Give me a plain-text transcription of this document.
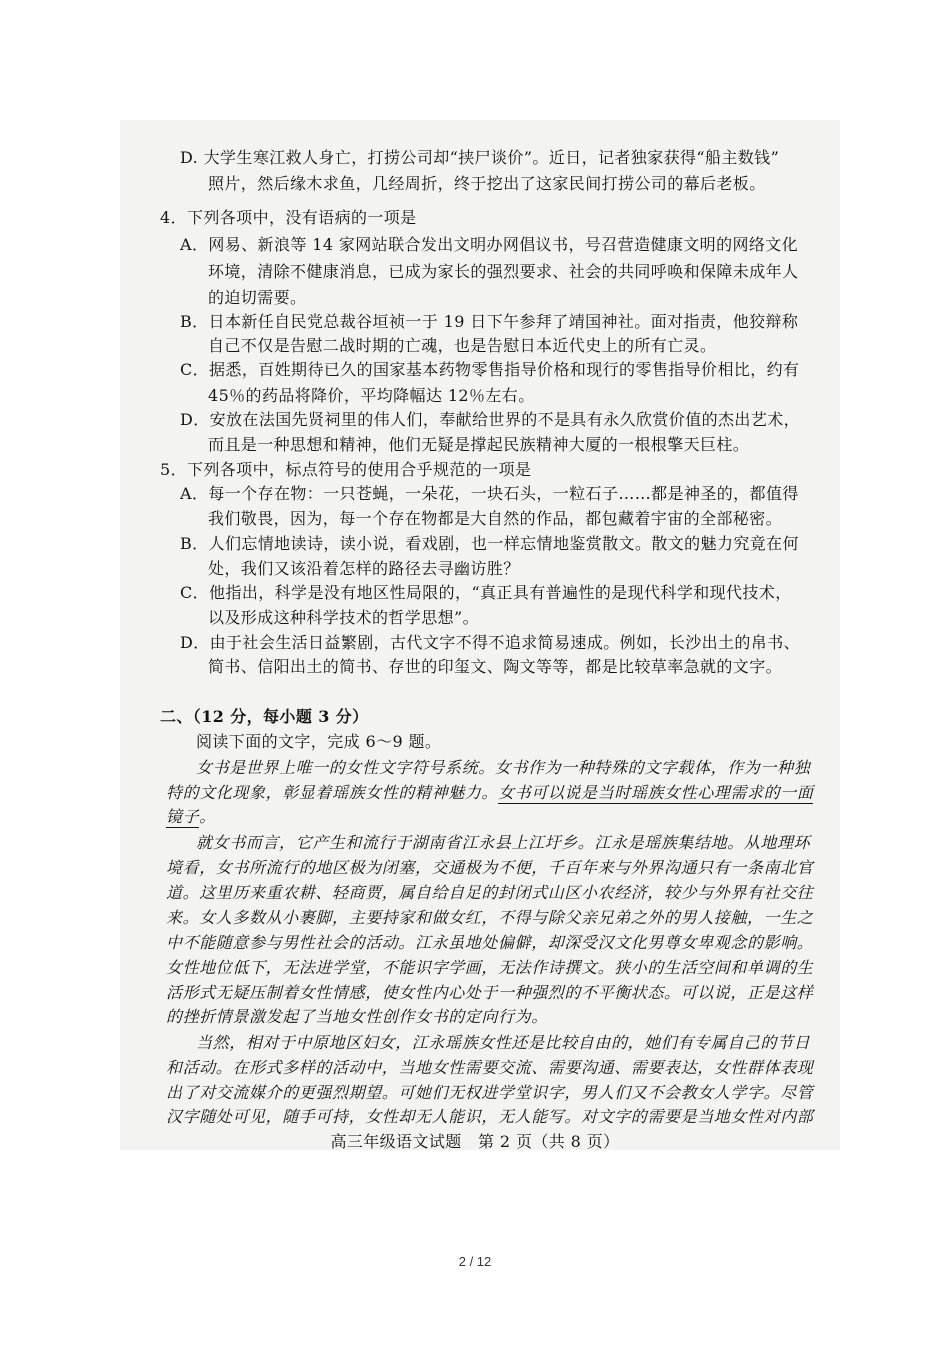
D. 大学生寒江救人身亡，打捞公司却“挟尸谈价”。近日，记者独家获得“船主数钱”
照片，然后缘木求鱼，几经周折，终于挖出了这家民间打捞公司的幕后老板。
4．下列各项中，没有语病的一项是
A．网易、新浪等 14 家网站联合发出文明办网倡议书，号召营造健康文明的网络文化
环境，清除不健康消息，已成为家长的强烈要求、社会的共同呼唤和保障未成年人
的迫切需要。
B．日本新任自民党总裁谷垣祯一于 19 日下午参拜了靖国神社。面对指责，他狡辩称
自己不仅是告慰二战时期的亡魂，也是告慰日本近代史上的所有亡灵。
C．据悉，百姓期待已久的国家基本药物零售指导价格和现行的零售指导价相比，约有
45％的药品将降价，平均降幅达 12％左右。
D．安放在法国先贤祠里的伟人们，奉献给世界的不是具有永久欣赏价值的杰出艺术，
而且是一种思想和精神，他们无疑是撑起民族精神大厦的一根根擎天巨柱。
5．下列各项中，标点符号的使用合乎规范的一项是
A．每一个存在物：一只苍蝇，一朵花，一块石头，一粒石子……都是神圣的，都值得
我们敬畏，因为，每一个存在物都是大自然的作品，都包藏着宇宙的全部秘密。
B．人们忘情地读诗，读小说，看戏剧，也一样忘情地鉴赏散文。散文的魅力究竟在何
处，我们又该沿着怎样的路径去寻幽访胜？
C．他指出，科学是没有地区性局限的，“真正具有普遍性的是现代科学和现代技术，
以及形成这种科学技术的哲学思想”。
D．由于社会生活日益繁剧，古代文字不得不追求简易速成。例如，长沙出土的帛书、
简书、信阳出土的简书、存世的印玺文、陶文等等，都是比较草率急就的文字。
二、（12 分，每小题 3 分）
阅读下面的文字，完成 6～9 题。
女书是世界上唯一的女性文字符号系统。女书作为一种特殊的文字载体，作为一种独
特的文化现象，彰显着瑶族女性的精神魅力。女书可以说是当时瑶族女性心理需求的一面
镜子。
就女书而言，它产生和流行于湖南省江永县上江圩乡。江永是瑶族集结地。从地理环
境看，女书所流行的地区极为闭塞，交通极为不便，千百年来与外界沟通只有一条南北官
道。这里历来重农耕、轻商贾，属自给自足的封闭式山区小农经济，较少与外界有社交往
来。女人多数从小裹脚，主要持家和做女红，不得与除父亲兄弟之外的男人接触，一生之
中不能随意参与男性社会的活动。江永虽地处偏僻，却深受汉文化男尊女卑观念的影响。
女性地位低下，无法进学堂，不能识字学画，无法作诗撰文。狭小的生活空间和单调的生
活形式无疑压制着女性情感，使女性内心处于一种强烈的不平衡状态。可以说，正是这样
的挫折情景激发起了当地女性创作女书的定向行为。
当然，相对于中原地区妇女，江永瑶族女性还是比较自由的，她们有专属自己的节日
和活动。在形式多样的活动中，当地女性需要交流、需要沟通、需要表达，女性群体表现
出了对交流媒介的更强烈期望。可她们无权进学堂识字，男人们又不会教女人学字。尽管
汉字随处可见，随手可持，女性却无人能识，无人能写。对文字的需要是当地女性对内部
高三年级语文试题　第 2 页（共 8 页）
2 / 12
